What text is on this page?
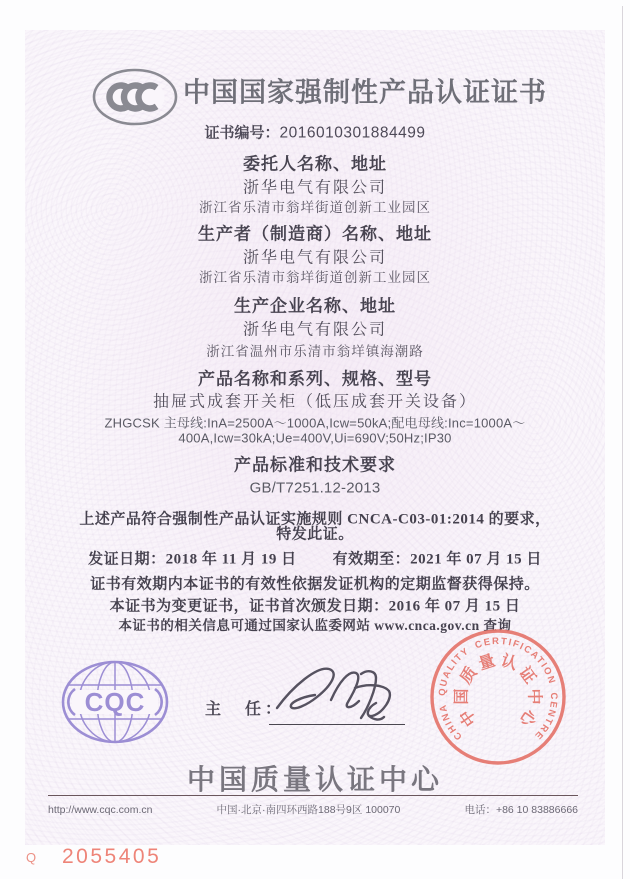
中国国家强制性产品认证证书
证书编号：2016010301884499
委托人名称、地址
浙华电气有限公司
浙江省乐清市翁垟街道创新工业园区
生产者（制造商）名称、地址
浙华电气有限公司
浙江省乐清市翁垟街道创新工业园区
生产企业名称、地址
浙华电气有限公司
浙江省温州市乐清市翁垟镇海潮路
产品名称和系列、规格、型号
抽屉式成套开关柜（低压成套开关设备）
ZHGCSK 主母线:InA=2500A～1000A,Icw=50kA;配电母线:Inc=1000A～
400A,Icw=30kA;Ue=400V,Ui=690V;50Hz;IP30
产品标准和技术要求
GB/T7251.12-2013
上述产品符合强制性产品认证实施规则 CNCA-C03-01:2014 的要求，
特发此证。
发证日期：2018 年 11 月 19 日 有效期至：2021 年 07 月 15 日
证书有效期内本证书的有效性依据发证机构的定期监督获得保持。
本证书为变更证书，证书首次颁发日期：2016 年 07 月 15 日
本证书的相关信息可通过国家认监委网站 www.cnca.gov.cn 查询
CQC	主　任：
CHINA QUALITY CERTIFICATION CENTRE
中
国
质
量 认
证
中
心
中国质量认证中心
http://www.cqc.com.cn	中国·北京·南四环西路188号9区 100070	电话：+86 10 83886666
Q 2055405
